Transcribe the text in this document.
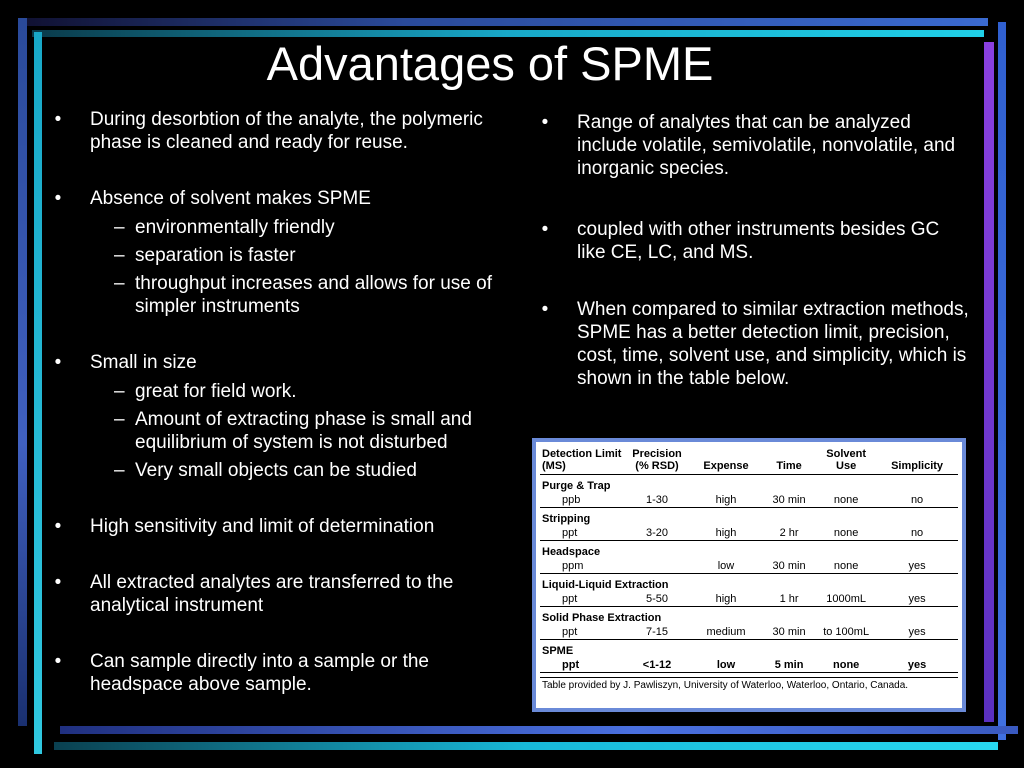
Advantages of SPME
• During desorbtion of the analyte, the polymeric phase is cleaned and ready for reuse.
• Absence of solvent makes SPME
– environmentally friendly
– separation is faster
– throughput increases and allows for use of simpler instruments
• Small in size
– great for field work.
– Amount of extracting phase is small and equilibrium of system is not disturbed
– Very small objects can be studied
• High sensitivity and limit of determination
• All extracted analytes are transferred to the analytical instrument
• Can sample directly into a sample or the headspace above sample.
• Range of analytes that can be analyzed include volatile, semivolatile, nonvolatile, and inorganic species.
• coupled with other instruments besides GC like CE, LC, and MS.
• When compared to similar extraction methods, SPME has a better detection limit, precision, cost, time, solvent use, and simplicity, which is shown in the table below.
Detection Limit (MS)	Precision (% RSD)	Expense	Time	Solvent Use	Simplicity
Purge & Trap					
ppb	1-30	high	30 min	none	no
Stripping					
ppt	3-20	high	2 hr	none	no
Headspace					
ppm		low	30 min	none	yes
Liquid-Liquid Extraction					
ppt	5-50	high	1 hr	1000mL	yes
Solid Phase Extraction					
ppt	7-15	medium	30 min	to 100mL	yes
SPME					
ppt	<1-12	low	5 min	none	yes
Table provided by J. Pawliszyn, University of Waterloo, Waterloo, Ontario, Canada.
